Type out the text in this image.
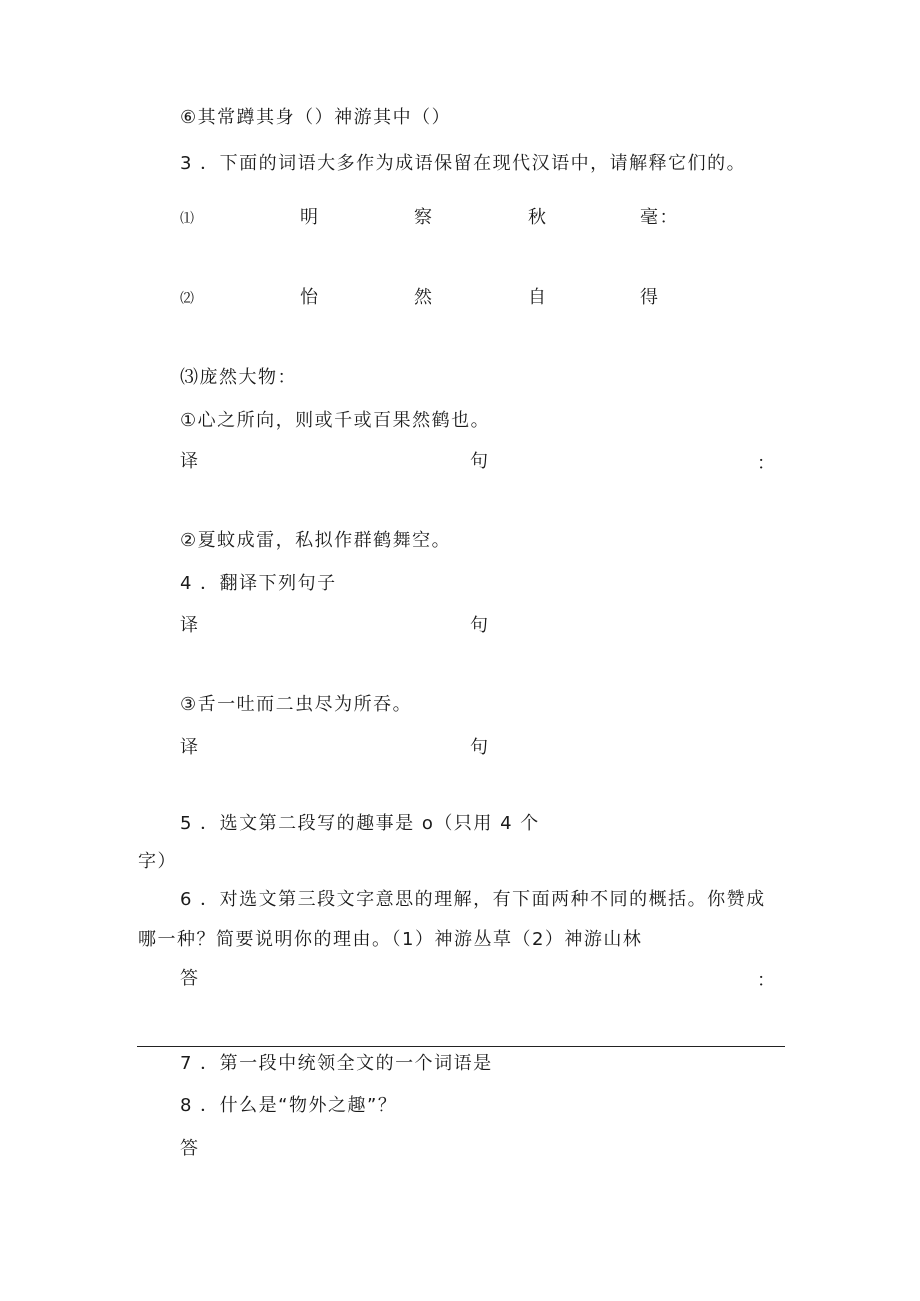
⑥其常蹲其身（）神游其中（）
3 ．下面的词语大多作为成语保留在现代汉语中，请解释它们的。
⑴	明	察	秋	毫：
⑵	怡	然	自	得
⑶庞然大物：
①心之所向，则或千或百果然鹤也。
译	句	：
②夏蚊成雷，私拟作群鹤舞空。
4 ．翻译下列句子
译	句
③舌一吐而二虫尽为所吞。
译	句
5 ．选文第二段写的趣事是 o（只用 4 个
字）
6 ．对选文第三段文字意思的理解，有下面两种不同的概括。你赞成
哪一种？简要说明你的理由。（1）神游丛草（2）神游山林
答	：
7 ．第一段中统领全文的一个词语是
8 ．什么是“物外之趣”？
答
